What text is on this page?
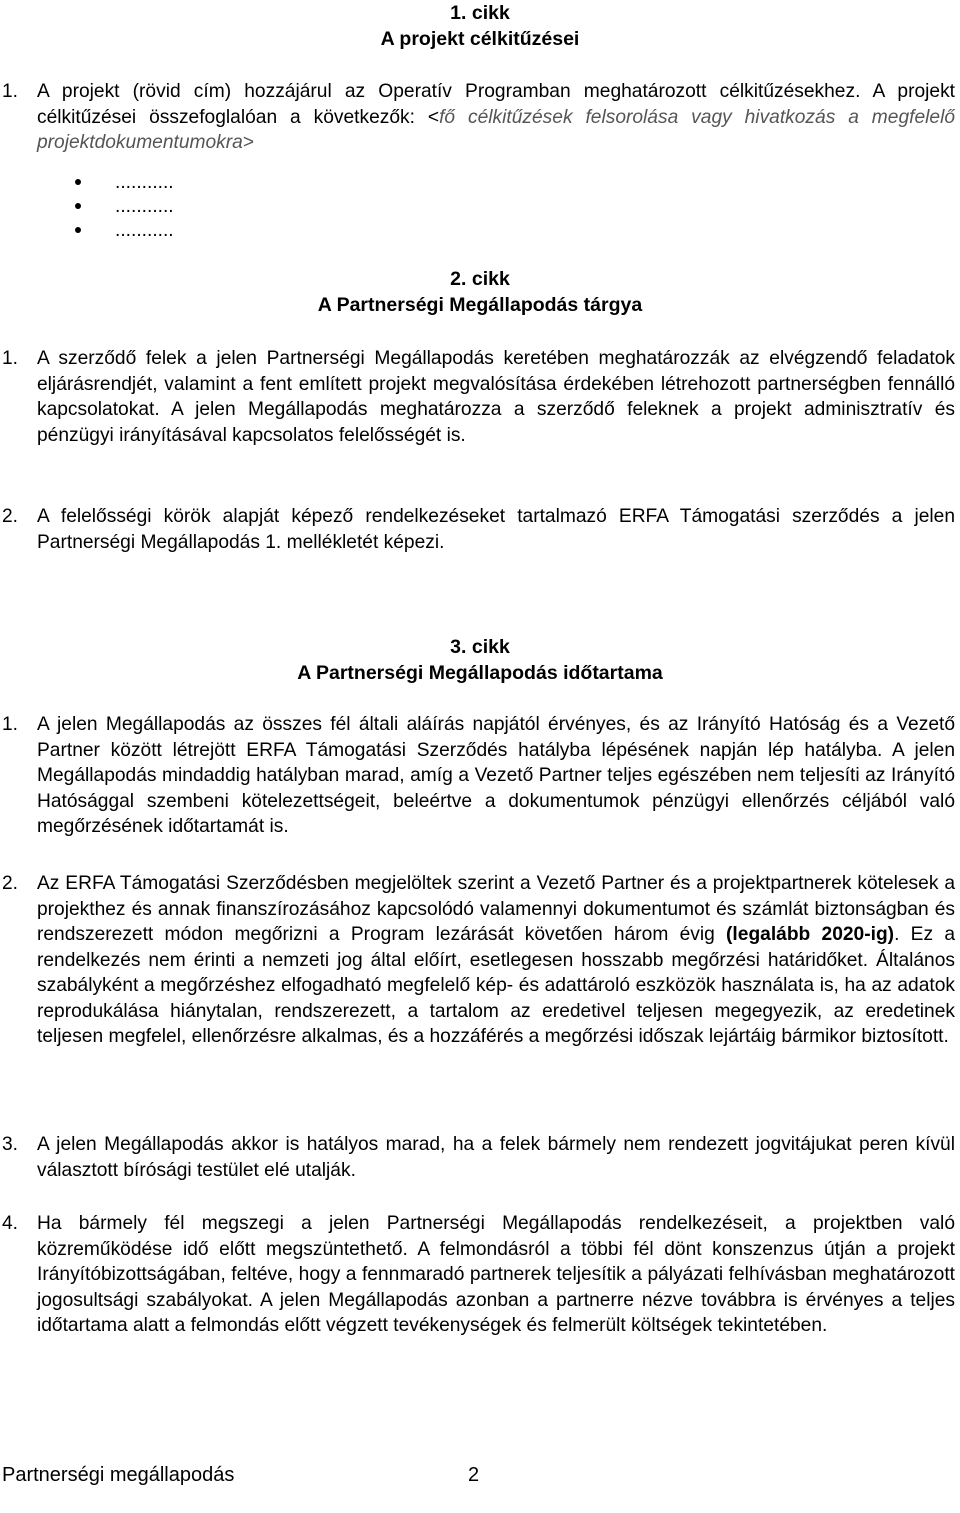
1. cikk
A projekt célkitűzései
1. A projekt (rövid cím) hozzájárul az Operatív Programban meghatározott célkitűzésekhez. A projekt célkitűzései összefoglalóan a következők: <fő célkitűzések felsorolása vagy hivatkozás a megfelelő projektdokumentumokra>
...........
...........
...........
2. cikk
A Partnerségi Megállapodás tárgya
1. A szerződő felek a jelen Partnerségi Megállapodás keretében meghatározzák az elvégzendő feladatok eljárásrendjét, valamint a fent említett projekt megvalósítása érdekében létrehozott partnerségben fennálló kapcsolatokat. A jelen Megállapodás meghatározza a szerződő feleknek a projekt adminisztratív és pénzügyi irányításával kapcsolatos felelősségét is.
2. A felelősségi körök alapját képező rendelkezéseket tartalmazó ERFA Támogatási szerződés a jelen Partnerségi Megállapodás 1. mellékletét képezi.
3. cikk
A Partnerségi Megállapodás időtartama
1. A jelen Megállapodás az összes fél általi aláírás napjától érvényes, és az Irányító Hatóság és a Vezető Partner között létrejött ERFA Támogatási Szerződés hatályba lépésének napján lép hatályba. A jelen Megállapodás mindaddig hatályban marad, amíg a Vezető Partner teljes egészében nem teljesíti az Irányító Hatósággal szembeni kötelezettségeit, beleértve a dokumentumok pénzügyi ellenőrzés céljából való megőrzésének időtartamát is.
2. Az ERFA Támogatási Szerződésben megjelöltek szerint a Vezető Partner és a projektpartnerek kötelesek a projekthez és annak finanszírozásához kapcsolódó valamennyi dokumentumot és számlát biztonságban és rendszerezett módon megőrizni a Program lezárását követően három évig (legalább 2020-ig). Ez a rendelkezés nem érinti a nemzeti jog által előírt, esetlegesen hosszabb megőrzési határidőket. Általános szabályként a megőrzéshez elfogadható megfelelő kép- és adattároló eszközök használata is, ha az adatok reprodukálása hiánytalan, rendszerezett, a tartalom az eredetivel teljesen megegyezik, az eredetinek teljesen megfelel, ellenőrzésre alkalmas, és a hozzáférés a megőrzési időszak lejártáig bármikor biztosított.
3. A jelen Megállapodás akkor is hatályos marad, ha a felek bármely nem rendezett jogvitájukat peren kívül választott bírósági testület elé utalják.
4. Ha bármely fél megszegi a jelen Partnerségi Megállapodás rendelkezéseit, a projektben való közreműködése idő előtt megszüntethető. A felmondásról a többi fél dönt konszenzus útján a projekt Irányítóbizottságában, feltéve, hogy a fennmaradó partnerek teljesítik a pályázati felhívásban meghatározott jogosultsági szabályokat. A jelen Megállapodás azonban a partnerre nézve továbbra is érvényes a teljes időtartama alatt a felmondás előtt végzett tevékenységek és felmerült költségek tekintetében.
Partnerségi megállapodás	2
